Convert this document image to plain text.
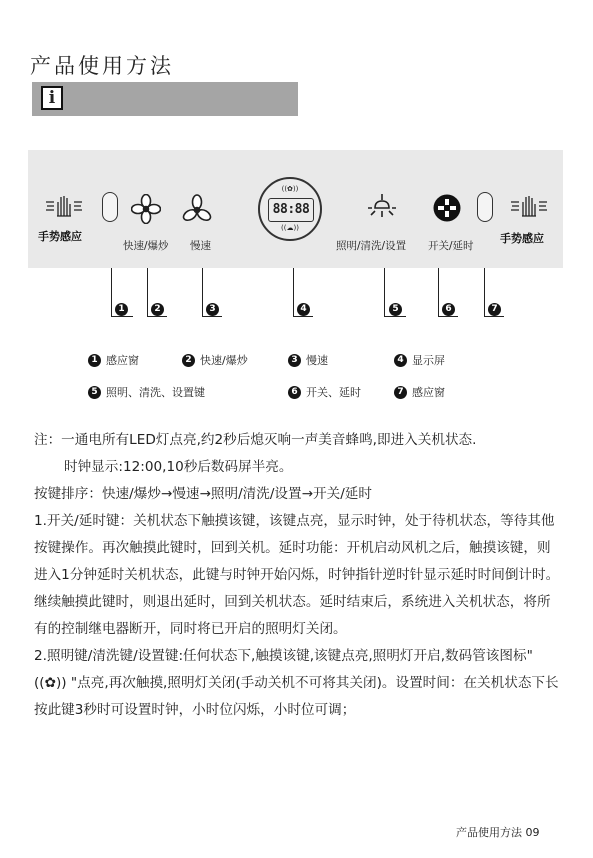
产品使用方法
i
手势感应
快速/爆炒 慢速
((✿))
88:88
((☁))
照明/清洗/设置 开关/延时
手势感应
1	2	3	4	5	6	7
1 感应窗	2 快速/爆炒	3 慢速	4 显示屏
5 照明、清洗、设置键	6 开关、延时	7 感应窗

注：一通电所有LED灯点亮,约2秒后熄灭响一声美音蜂鸣,即进入关机状态.

时钟显示:12:00,10秒后数码屏半亮。

按键排序：快速/爆炒→慢速→照明/清洗/设置→开关/延时

1.开关/延时键：关机状态下触摸该键，该键点亮，显示时钟，处于待机状态，等待其他按键操作。再次触摸此键时，回到关机。延时功能：开机启动风机之后，触摸该键，则进入1分钟延时关机状态，此键与时钟开始闪烁，时钟指针逆时针显示延时时间倒计时。继续触摸此键时，则退出延时，回到关机状态。延时结束后，系统进入关机状态，将所有的控制继电器断开，同时将已开启的照明灯关闭。

2.照明键/清洗键/设置键:任何状态下,触摸该键,该键点亮,照明灯开启,数码管该图标" ((✿)) "点亮,再次触摸,照明灯关闭(手动关机不可将其关闭)。设置时间：在关机状态下长按此键3秒时可设置时钟，小时位闪烁，小时位可调；

产品使用方法 09
